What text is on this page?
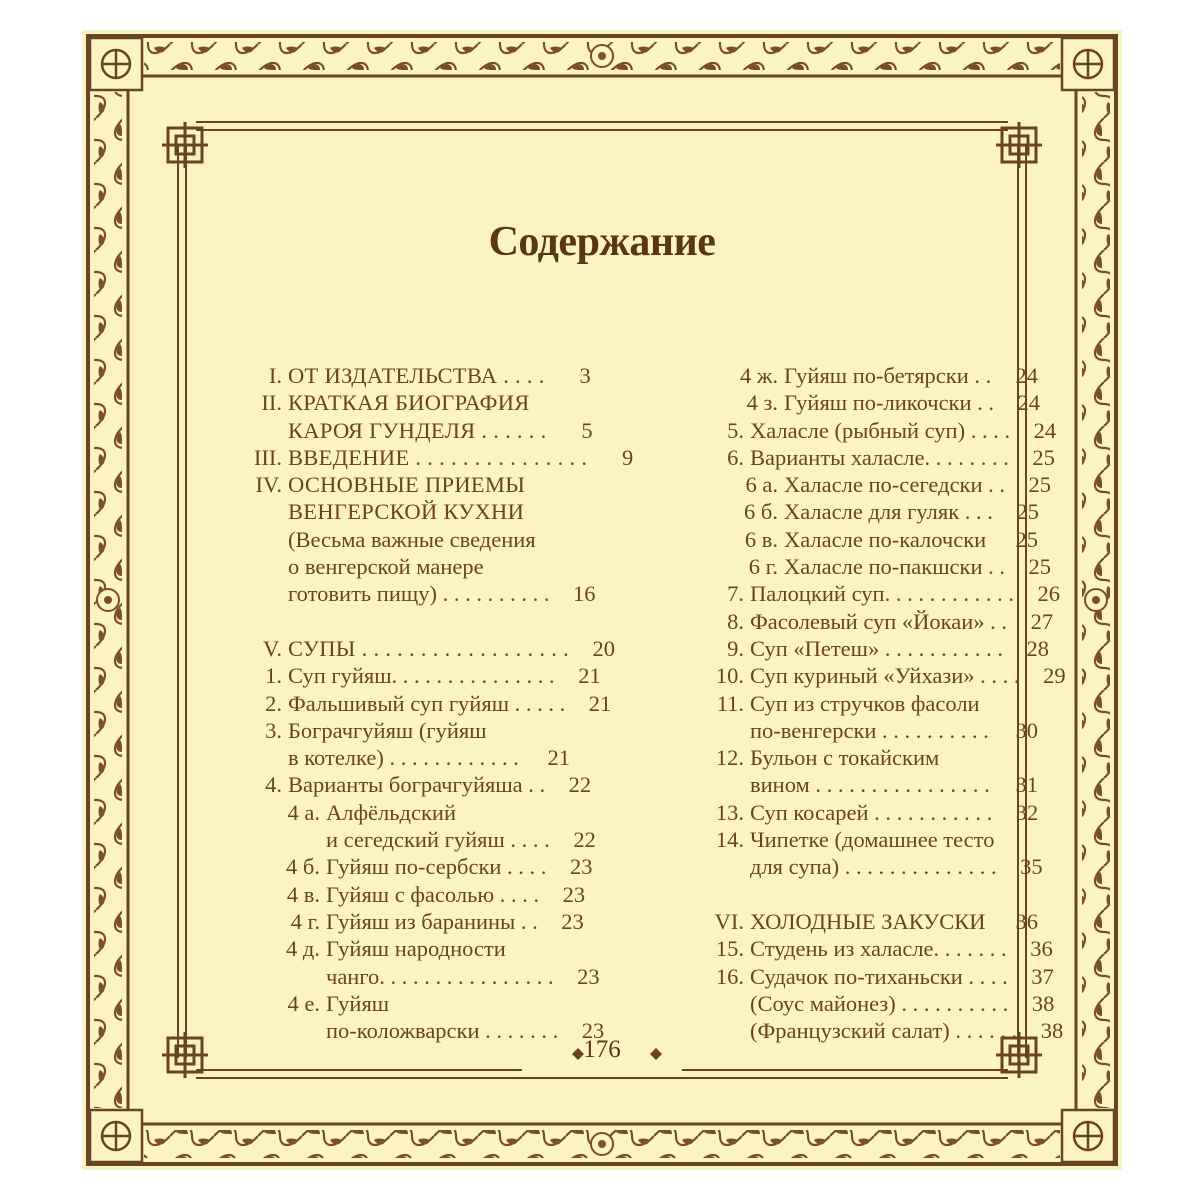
Содержание
I. ОТ ИЗДАТЕЛЬСТВА . . . .	3
II. КРАТКАЯ БИОГРАФИЯ
КАРОЯ ГУНДЕЛЯ . . . . . .	5
III. ВВЕДЕНИЕ . . . . . . . . . . . . . . .	9
IV. ОСНОВНЫЕ ПРИЕМЫ
ВЕНГЕРСКОЙ КУХНИ
(Весьма важные сведения
о венгерской манере
готовить пищу) . . . . . . . . . .	16
V. СУПЫ . . . . . . . . . . . . . . . . . .	20
1. Суп гуйяш. . . . . . . . . . . . . . .	21
2. Фальшивый суп гуйяш . . . . .	21
3. Бограчгуйяш (гуйяш
в котелке) . . . . . . . . . . . .	21
4. Варианты бограчгуйяша . .	22
4 а. Алфёльдский
и сегедский гуйяш . . . .	22
4 б. Гуйяш по-сербски . . . .	23
4 в. Гуйяш с фасолью . . . .	23
4 г. Гуйяш из баранины . .	23
4 д. Гуйяш народности
чанго. . . . . . . . . . . . . . . .	23
4 е. Гуйяш
по-коложварски . . . . . . .	23
4 ж. Гуйяш по-бетярски . .	24
4 з. Гуйяш по-ликочски . .	24
5. Халасле (рыбный суп) . . . .	24
6. Варианты халасле. . . . . . . .	25
6 а. Халасле по-сегедски . .	25
6 б. Халасле для гуляк . . .	25
6 в. Халасле по-калочски	25
6 г. Халасле по-пакшски . .	25
7. Палоцкий суп. . . . . . . . . . . .	26
8. Фасолевый суп «Йокаи» . .	27
9. Суп «Петеш» . . . . . . . . . . .	28
10. Суп куриный «Уйхази» . . . .	29
11. Суп из стручков фасоли
по-венгерски . . . . . . . . . .	30
12. Бульон с токайским
вином . . . . . . . . . . . . . . . .	31
13. Суп косарей . . . . . . . . . . .	32
14. Чипетке (домашнее тесто
для супа) . . . . . . . . . . . . . .	35
VI. ХОЛОДНЫЕ ЗАКУСКИ	36
15. Студень из халасле. . . . . . .	36
16. Судачок по-тиханьски . . . .	37
(Соус майонез) . . . . . . . . . .	38
(Французский салат) . . . . . .	38
176
